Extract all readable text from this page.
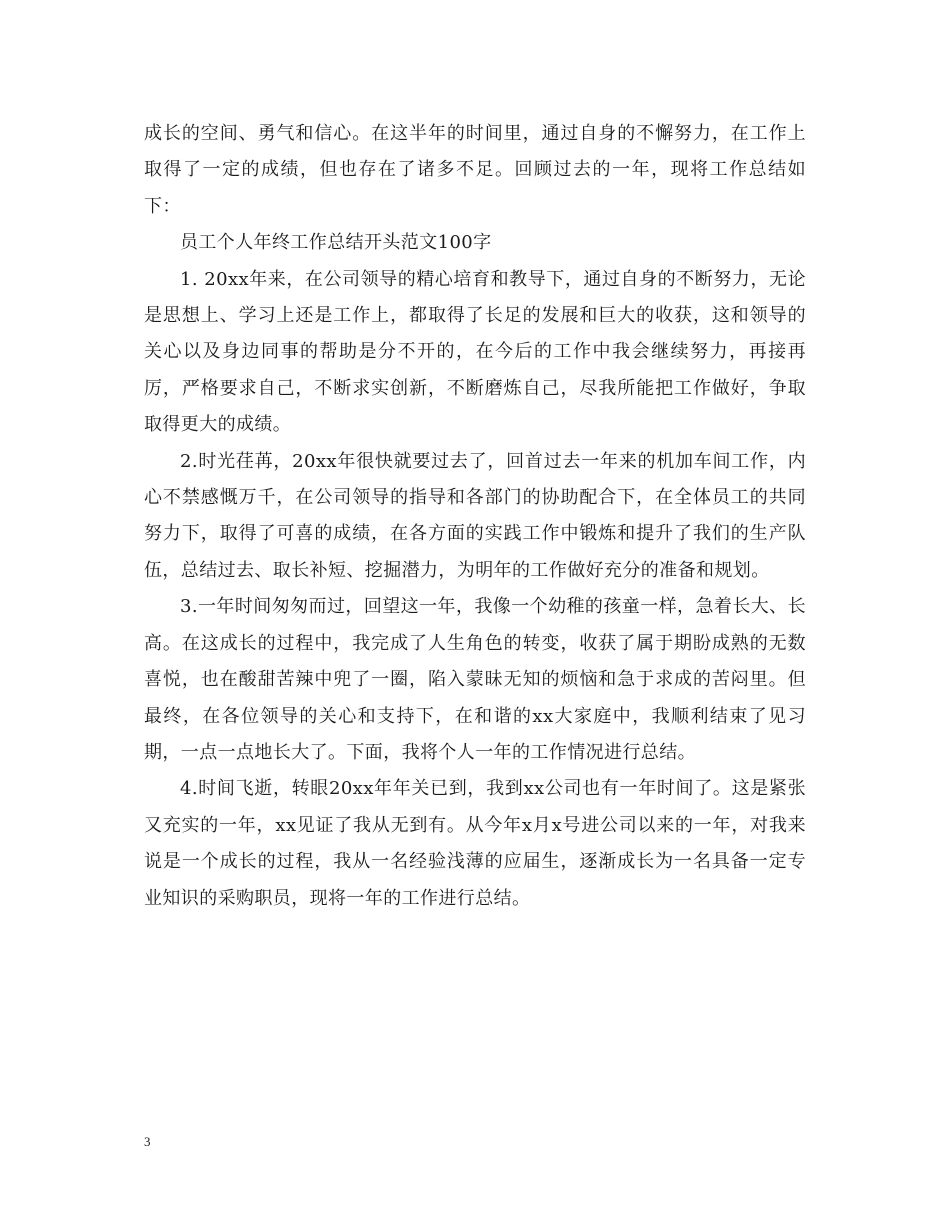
成长的空间、勇气和信心。在这半年的时间里，通过自身的不懈努力，在工作上取得了一定的成绩，但也存在了诸多不足。回顾过去的一年，现将工作总结如下：

员工个人年终工作总结开头范文100字

1. 20xx年来，在公司领导的精心培育和教导下，通过自身的不断努力，无论是思想上、学习上还是工作上，都取得了长足的发展和巨大的收获，这和领导的关心以及身边同事的帮助是分不开的，在今后的工作中我会继续努力，再接再厉，严格要求自己，不断求实创新，不断磨炼自己，尽我所能把工作做好，争取取得更大的成绩。

2.时光荏苒，20xx年很快就要过去了，回首过去一年来的机加车间工作，内心不禁感慨万千，在公司领导的指导和各部门的协助配合下，在全体员工的共同努力下，取得了可喜的成绩，在各方面的实践工作中锻炼和提升了我们的生产队伍，总结过去、取长补短、挖掘潜力，为明年的工作做好充分的准备和规划。

3.一年时间匆匆而过，回望这一年，我像一个幼稚的孩童一样，急着长大、长高。在这成长的过程中，我完成了人生角色的转变，收获了属于期盼成熟的无数喜悦，也在酸甜苦辣中兜了一圈，陷入蒙昧无知的烦恼和急于求成的苦闷里。但最终，在各位领导的关心和支持下，在和谐的xx大家庭中，我顺利结束了见习期，一点一点地长大了。下面，我将个人一年的工作情况进行总结。

4.时间飞逝，转眼20xx年年关已到，我到xx公司也有一年时间了。这是紧张又充实的一年，xx见证了我从无到有。从今年x月x号进公司以来的一年，对我来说是一个成长的过程，我从一名经验浅薄的应届生，逐渐成长为一名具备一定专业知识的采购职员，现将一年的工作进行总结。

3
